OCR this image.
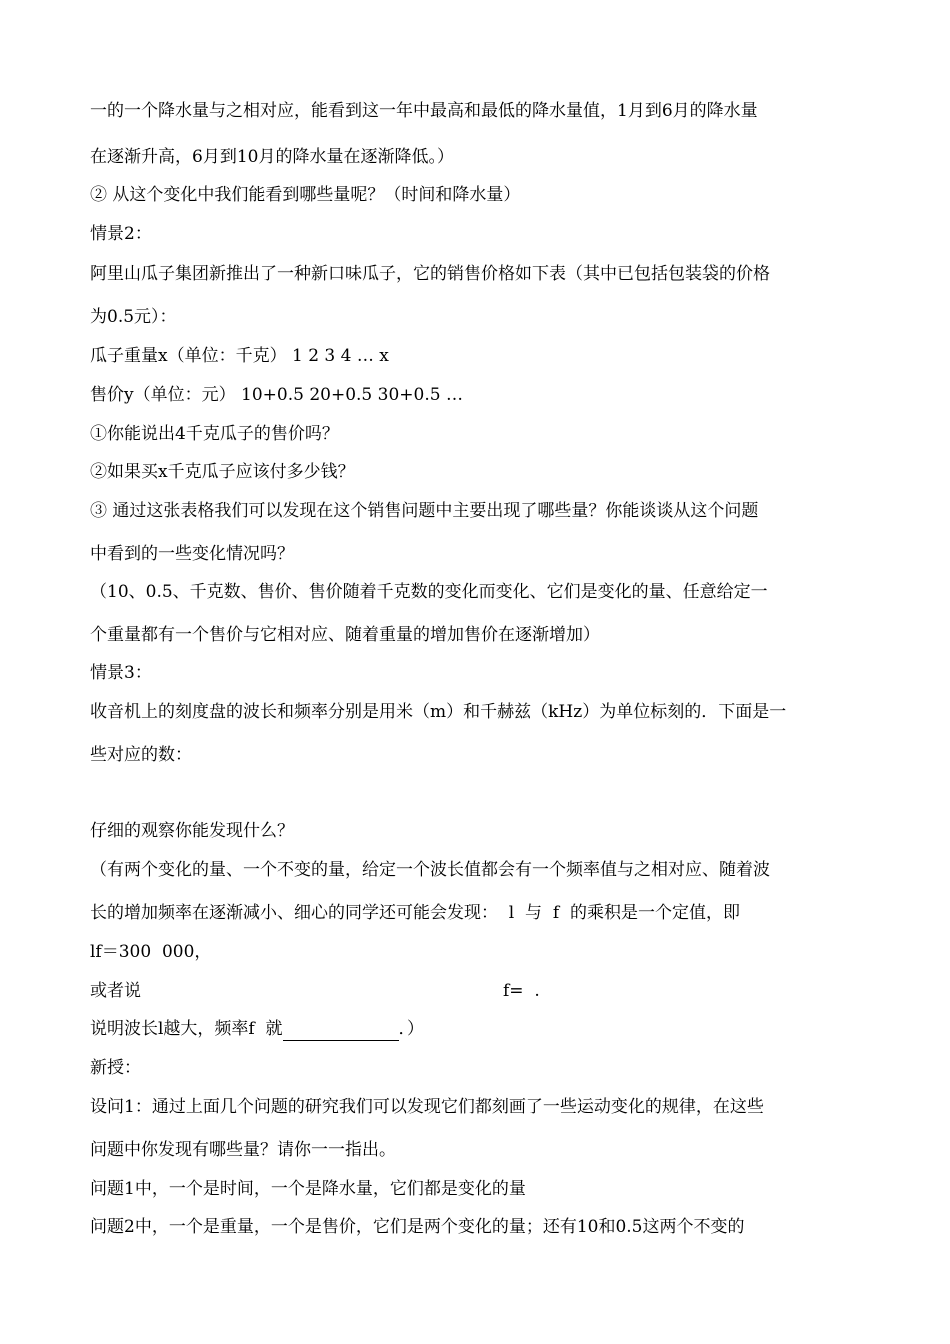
一的一个降水量与之相对应，能看到这一年中最高和最低的降水量值，1月到6月的降水量
在逐渐升高，6月到10月的降水量在逐渐降低。）
② 从这个变化中我们能看到哪些量呢？（时间和降水量）
情景2：
阿里山瓜子集团新推出了一种新口味瓜子，它的销售价格如下表（其中已包括包装袋的价格
为0.5元）：
瓜子重量x（单位：千克） 1 2 3 4 … x
售价y（单位：元） 10+0.5 20+0.5 30+0.5 …
①你能说出4千克瓜子的售价吗？
②如果买x千克瓜子应该付多少钱？
③ 通过这张表格我们可以发现在这个销售问题中主要出现了哪些量？你能谈谈从这个问题
中看到的一些变化情况吗？
（10、0.5、千克数、售价、售价随着千克数的变化而变化、它们是变化的量、任意给定一
个重量都有一个售价与它相对应、随着重量的增加售价在逐渐增加）
情景3：
收音机上的刻度盘的波长和频率分别是用米（m）和千赫兹（kHz）为单位标刻的．下面是一
些对应的数：
仔细的观察你能发现什么？
（有两个变化的量、一个不变的量，给定一个波长值都会有一个频率值与之相对应、随着波
长的增加频率在逐渐减小、细心的同学还可能会发现：  l  与  f  的乘积是一个定值，即
lf＝300  000，
或者说	f=  .
说明波长l越大，频率f  就	．）
新授：
设问1：通过上面几个问题的研究我们可以发现它们都刻画了一些运动变化的规律，在这些
问题中你发现有哪些量？请你一一指出。
问题1中，一个是时间，一个是降水量，它们都是变化的量
问题2中，一个是重量，一个是售价，它们是两个变化的量；还有10和0.5这两个不变的
